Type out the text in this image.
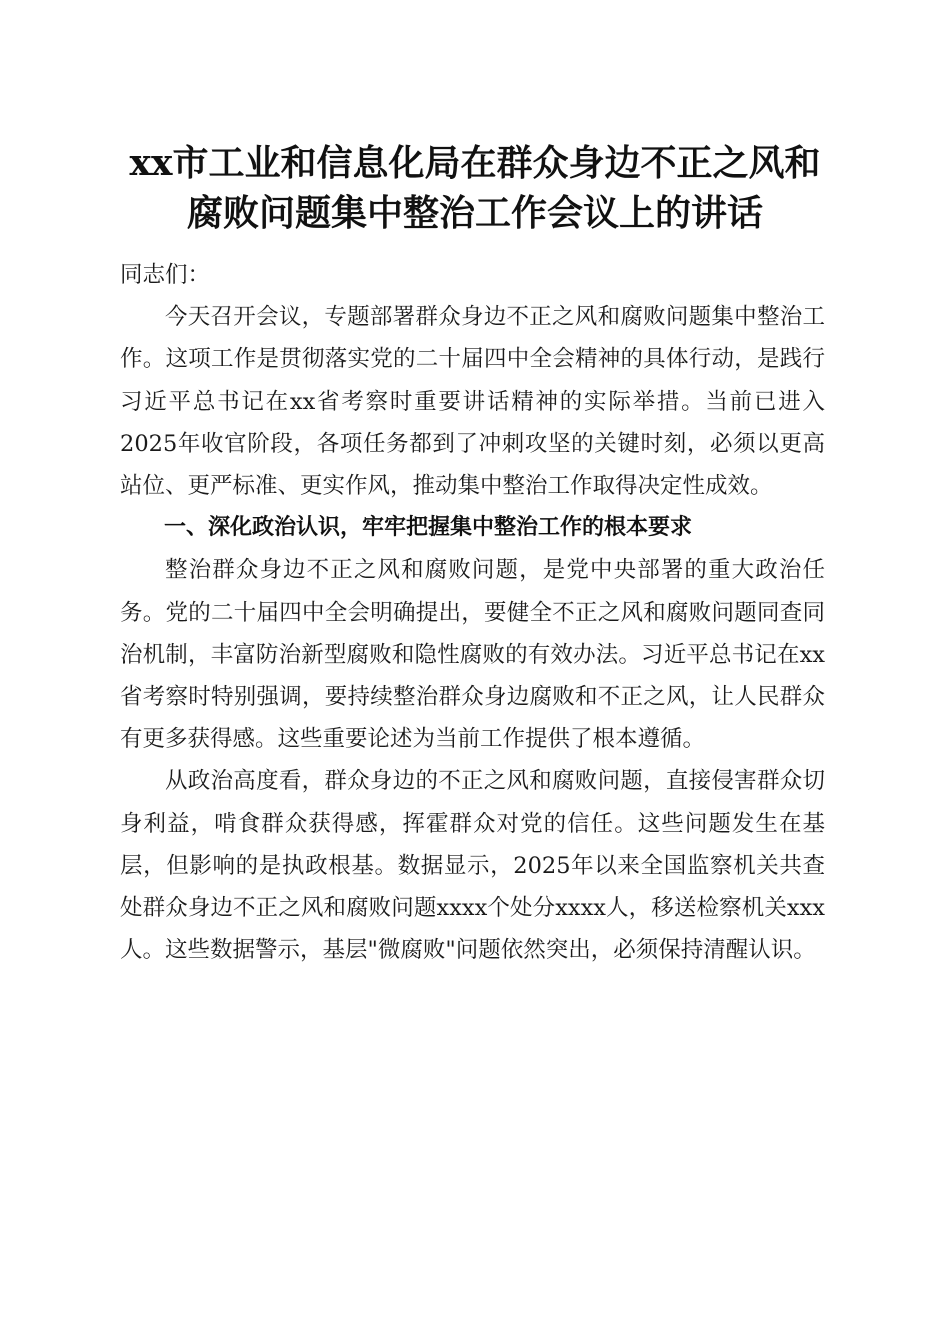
xx市工业和信息化局在群众身边不正之风和
腐败问题集中整治工作会议上的讲话

同志们：

今天召开会议，专题部署群众身边不正之风和腐败问题集中整治工作。这项工作是贯彻落实党的二十届四中全会精神的具体行动，是践行习近平总书记在xx省考察时重要讲话精神的实际举措。当前已进入2025年收官阶段，各项任务都到了冲刺攻坚的关键时刻，必须以更高站位、更严标准、更实作风，推动集中整治工作取得决定性成效。

一、深化政治认识，牢牢把握集中整治工作的根本要求

整治群众身边不正之风和腐败问题，是党中央部署的重大政治任务。党的二十届四中全会明确提出，要健全不正之风和腐败问题同查同治机制，丰富防治新型腐败和隐性腐败的有效办法。习近平总书记在xx省考察时特别强调，要持续整治群众身边腐败和不正之风，让人民群众有更多获得感。这些重要论述为当前工作提供了根本遵循。

从政治高度看，群众身边的不正之风和腐败问题，直接侵害群众切身利益，啃食群众获得感，挥霍群众对党的信任。这些问题发生在基层，但影响的是执政根基。数据显示，2025年以来全国监察机关共查处群众身边不正之风和腐败问题xxxx个处分xxxx人，移送检察机关xxx人。这些数据警示，基层"微腐败"问题依然突出，必须保持清醒认识。
